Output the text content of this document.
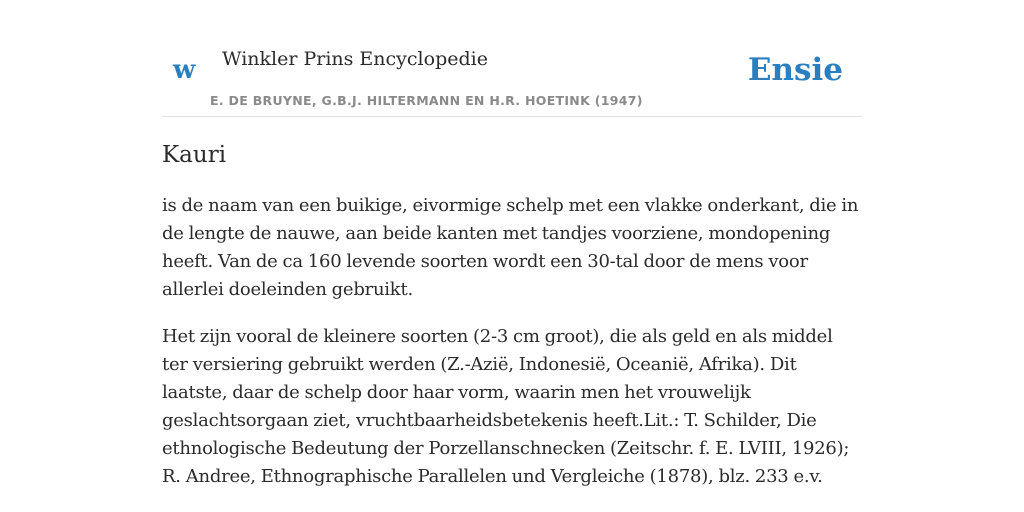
w Winkler Prins Encyclopedie	Ensie
E. DE BRUYNE, G.B.J. HILTERMANN EN H.R. HOETINK (1947)
Kauri

is de naam van een buikige, eivormige schelp met een vlakke onderkant, die in de lengte de nauwe, aan beide kanten met tandjes voorziene, mondopening heeft. Van de ca 160 levende soorten wordt een 30-tal door de mens voor allerlei doeleinden gebruikt.

Het zijn vooral de kleinere soorten (2-3 cm groot), die als geld en als middel ter versiering gebruikt werden (Z.-Azië, Indonesië, Oceanië, Afrika). Dit laatste, daar de schelp door haar vorm, waarin men het vrouwelijk geslachtsorgaan ziet, vruchtbaarheidsbetekenis heeft.Lit.: T. Schilder, Die ethnologische Bedeutung der Porzellanschnecken (Zeitschr. f. E. LVIII, 1926); R. Andree, Ethnographische Parallelen und Vergleiche (1878), blz. 233 e.v.
